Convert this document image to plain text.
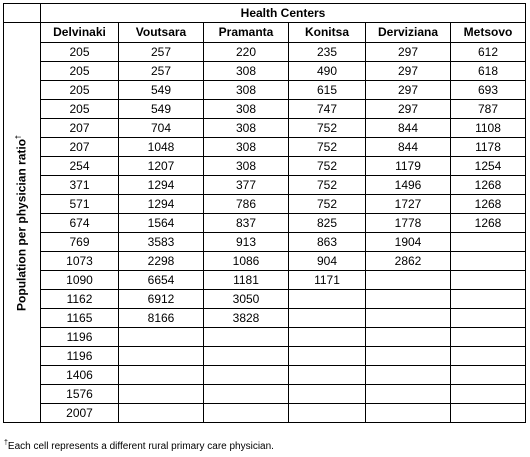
	Health Centers					

Population per physician ratio†	Delvinaki	Voutsara	Pramanta	Konitsa	Derviziana	Metsovo
	205	257	220	235	297	612
	205	257	308	490	297	618
	205	549	308	615	297	693
	205	549	308	747	297	787
	207	704	308	752	844	1108
	207	1048	308	752	844	1178
	254	1207	308	752	1179	1254
	371	1294	377	752	1496	1268
	571	1294	786	752	1727	1268
	674	1564	837	825	1778	1268
	769	3583	913	863	1904	
	1073	2298	1086	904	2862	
	1090	6654	1181	1171		
	1162	6912	3050			
	1165	8166	3828			
	1196					
	1196					
	1406					
	1576					
	2007					
†Each cell represents a different rural primary care physician.
